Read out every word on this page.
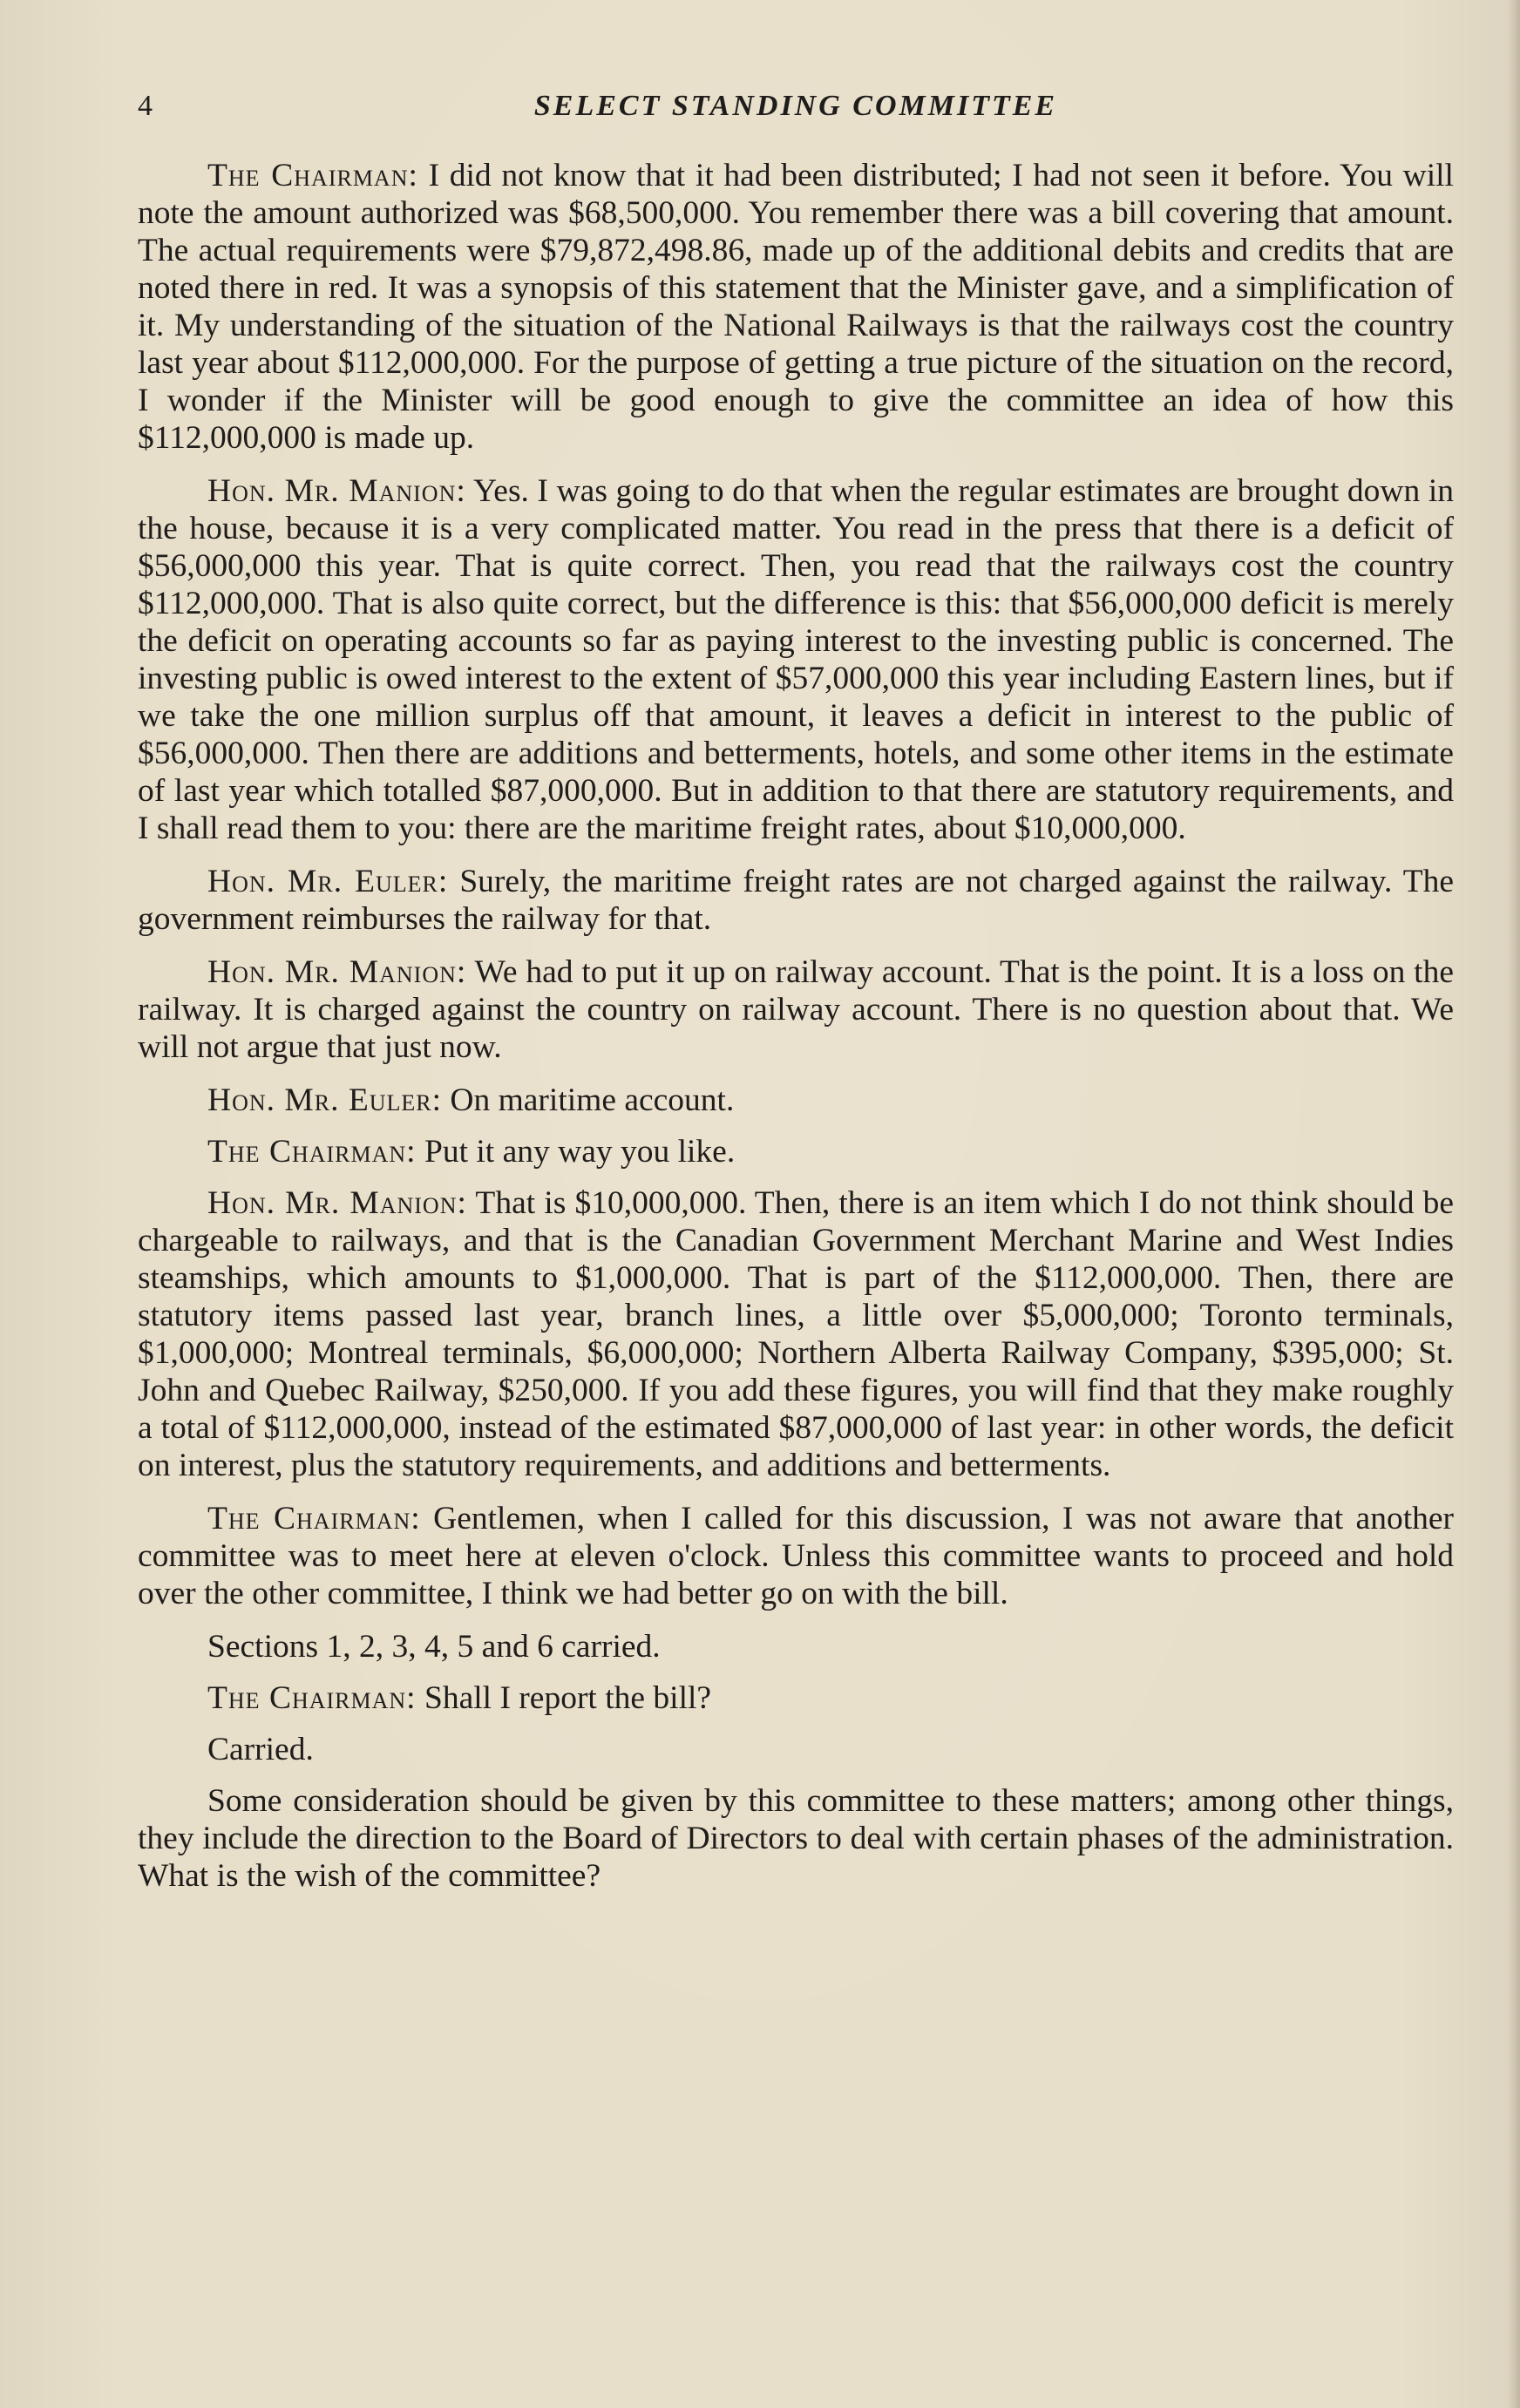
4	SELECT STANDING COMMITTEE

The Chairman: I did not know that it had been distributed; I had not seen it before. You will note the amount authorized was $68,500,000. You remember there was a bill covering that amount. The actual requirements were $79,872,498.86, made up of the additional debits and credits that are noted there in red. It was a synopsis of this statement that the Minister gave, and a simplification of it. My understanding of the situation of the National Railways is that the railways cost the country last year about $112,000,000. For the purpose of getting a true picture of the situation on the record, I wonder if the Minister will be good enough to give the committee an idea of how this $112,000,000 is made up.

Hon. Mr. Manion: Yes. I was going to do that when the regular estimates are brought down in the house, because it is a very complicated matter. You read in the press that there is a deficit of $56,000,000 this year. That is quite correct. Then, you read that the railways cost the country $112,000,000. That is also quite correct, but the difference is this: that $56,000,000 deficit is merely the deficit on operating accounts so far as paying interest to the investing public is concerned. The investing public is owed interest to the extent of $57,000,000 this year including Eastern lines, but if we take the one million surplus off that amount, it leaves a deficit in interest to the public of $56,000,000. Then there are additions and betterments, hotels, and some other items in the estimate of last year which totalled $87,000,000. But in addition to that there are statutory requirements, and I shall read them to you: there are the maritime freight rates, about $10,000,000.

Hon. Mr. Euler: Surely, the maritime freight rates are not charged against the railway. The government reimburses the railway for that.

Hon. Mr. Manion: We had to put it up on railway account. That is the point. It is a loss on the railway. It is charged against the country on railway account. There is no question about that. We will not argue that just now.

Hon. Mr. Euler: On maritime account.

The Chairman: Put it any way you like.

Hon. Mr. Manion: That is $10,000,000. Then, there is an item which I do not think should be chargeable to railways, and that is the Canadian Government Merchant Marine and West Indies steamships, which amounts to $1,000,000. That is part of the $112,000,000. Then, there are statutory items passed last year, branch lines, a little over $5,000,000; Toronto terminals, $1,000,000; Montreal terminals, $6,000,000; Northern Alberta Railway Company, $395,000; St. John and Quebec Railway, $250,000. If you add these figures, you will find that they make roughly a total of $112,000,000, instead of the estimated $87,000,000 of last year: in other words, the deficit on interest, plus the statutory requirements, and additions and betterments.

The Chairman: Gentlemen, when I called for this discussion, I was not aware that another committee was to meet here at eleven o'clock. Unless this committee wants to proceed and hold over the other committee, I think we had better go on with the bill.

Sections 1, 2, 3, 4, 5 and 6 carried.

The Chairman: Shall I report the bill?

Carried.

Some consideration should be given by this committee to these matters; among other things, they include the direction to the Board of Directors to deal with certain phases of the administration. What is the wish of the committee?
